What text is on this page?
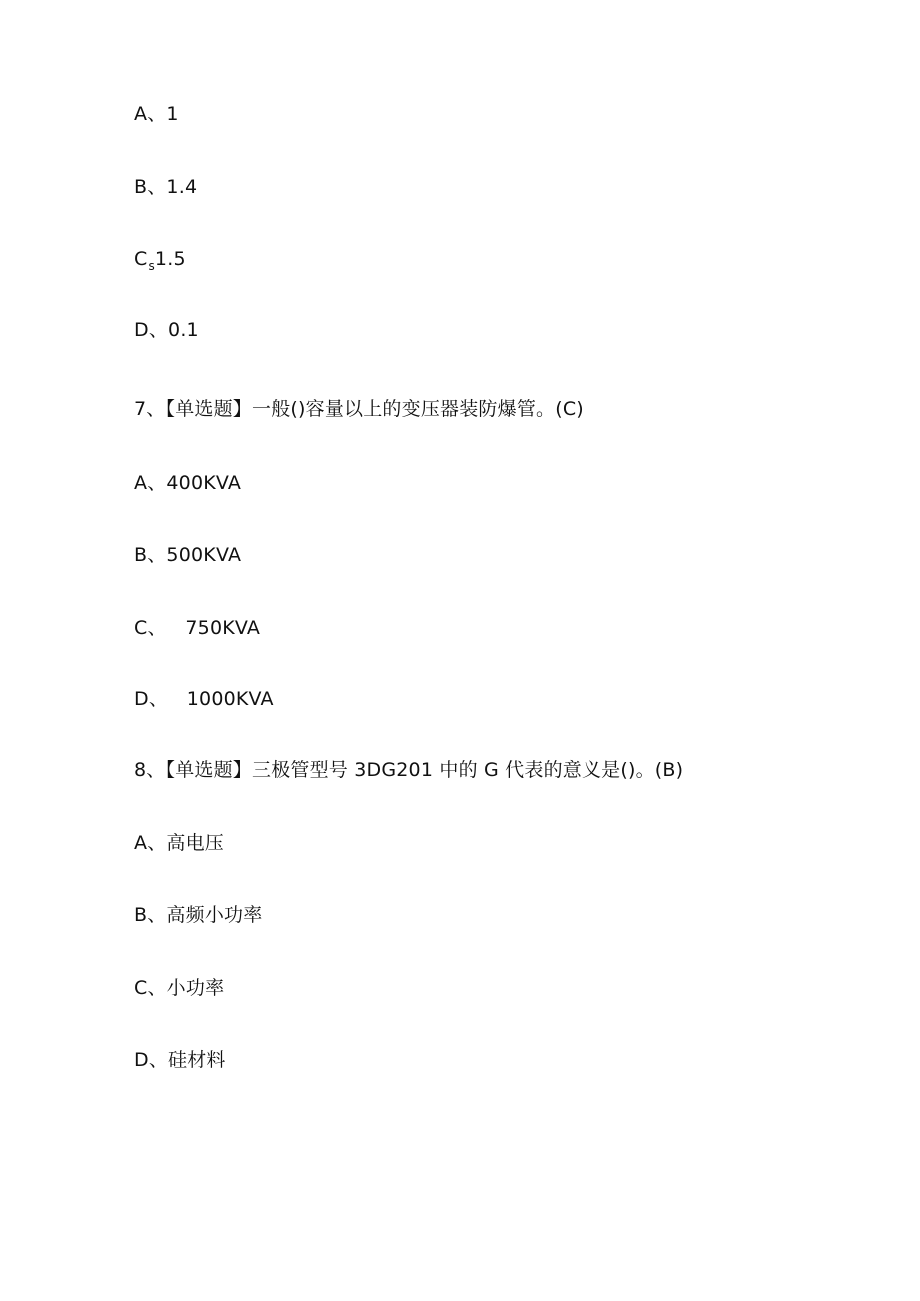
A、1
B、1.4
$C_s1.5$
D、0.1
7、【单选题】一般()容量以上的变压器装防爆管。(C)
A、400KVA
B、500KVA
C、   750KVA
D、   1000KVA
8、【单选题】三极管型号 3DG201 中的 G 代表的意义是()。(B)
A、高电压
B、高频小功率
C、小功率
D、硅材料
